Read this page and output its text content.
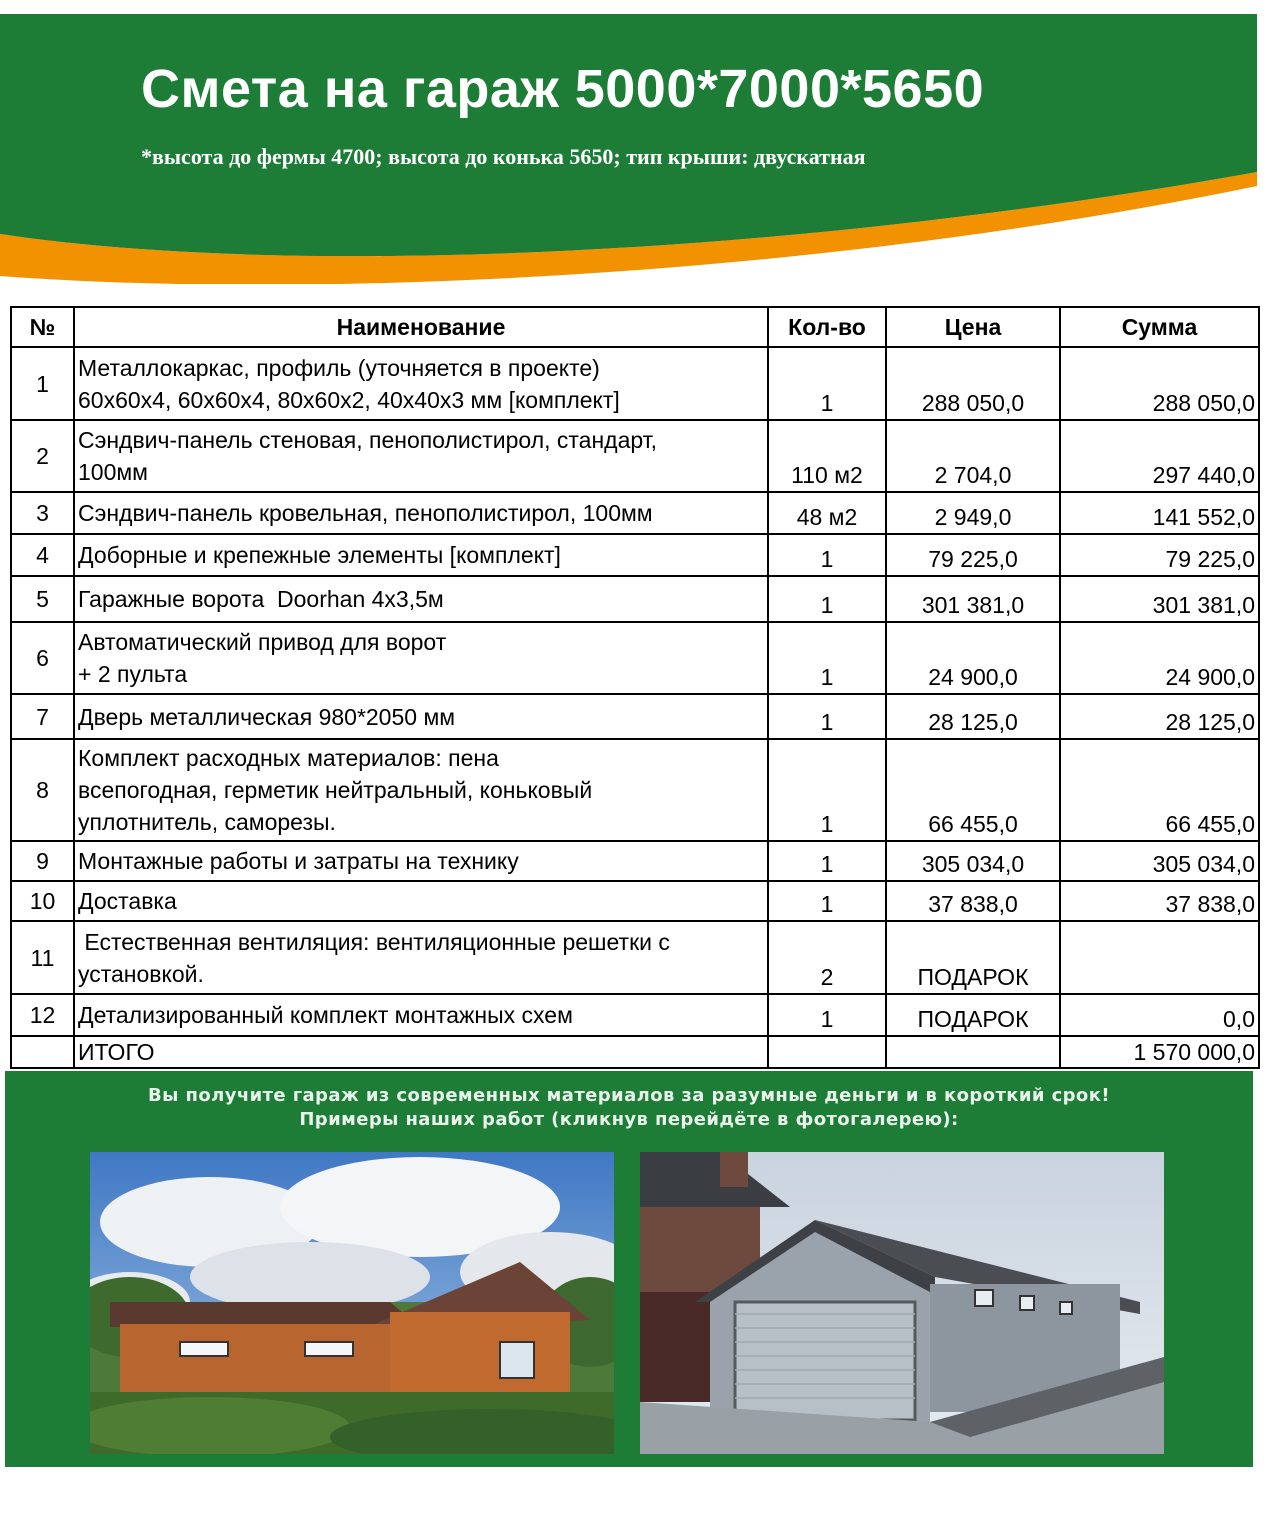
Смета на гараж 5000*7000*5650

*высота до фермы 4700; высота до конька 5650; тип крыши: двускатная

№	Наименование	Кол-во	Цена	Сумма
1	Металлокаркас, профиль (уточняется в проекте)
60х60х4, 60х60х4, 80х60х2, 40х40х3 мм [комплект]	1	288 050,0	288 050,0
2	Сэндвич-панель стеновая, пенополистирол, стандарт,
100мм	110 м2	2 704,0	297 440,0
3	Сэндвич-панель кровельная, пенополистирол, 100мм	48 м2	2 949,0	141 552,0
4	Доборные и крепежные элементы [комплект]	1	79 225,0	79 225,0
5	Гаражные ворота  Doorhan 4х3,5м	1	301 381,0	301 381,0
6	Автоматический привод для ворот
+ 2 пульта	1	24 900,0	24 900,0
7	Дверь металлическая 980*2050 мм	1	28 125,0	28 125,0
8	Комплект расходных материалов: пена
всепогодная, герметик нейтральный, коньковый
уплотнитель, саморезы.	1	66 455,0	66 455,0
9	Монтажные работы и затраты на технику	1	305 034,0	305 034,0
10	Доставка	1	37 838,0	37 838,0
11	Естественная вентиляция: вентиляционные решетки с
установкой.	2	ПОДАРОК	
12	Детализированный комплект монтажных схем	1	ПОДАРОК	0,0
	ИТОГО			1 570 000,0
Вы получите гараж из современных материалов за разумные деньги и в короткий срок!
Примеры наших работ (кликнув перейдёте в фотогалерею):
